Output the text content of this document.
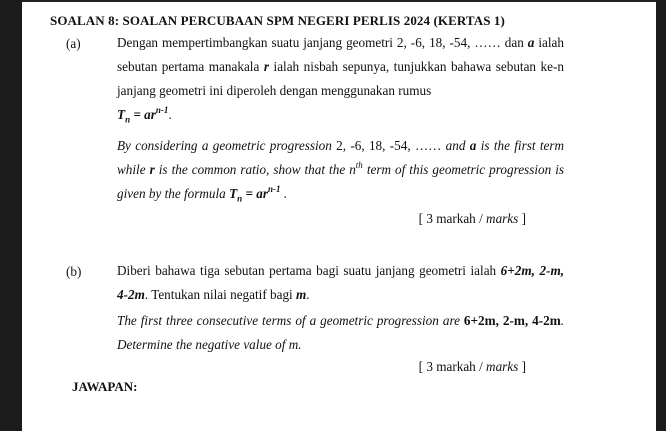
SOALAN 8: SOALAN PERCUBAAN SPM NEGERI PERLIS 2024 (KERTAS 1)
(a)	Dengan mempertimbangkan suatu janjang geometri 2, -6, 18, -54, …… dan a ialah sebutan pertama manakala r ialah nisbah sepunya, tunjukkan bahawa sebutan ke-n janjang geometri ini diperoleh dengan menggunakan rumus
$T_n = ar^{n-1}$.
By considering a geometric progression 2, -6, 18, -54, …… and a is the first term while r is the common ratio, show that the $n^{th}$ term of this geometric progression is given by the formula $T_n = ar^{n-1}$ .
[ 3 markah / marks ]
(b)	Diberi bahawa tiga sebutan pertama bagi suatu janjang geometri ialah 6+2m, 2-m, 4-2m. Tentukan nilai negatif bagi m.
The first three consecutive terms of a geometric progression are 6+2m, 2-m, 4-2m. Determine the negative value of m.
[ 3 markah / marks ]
JAWAPAN:
